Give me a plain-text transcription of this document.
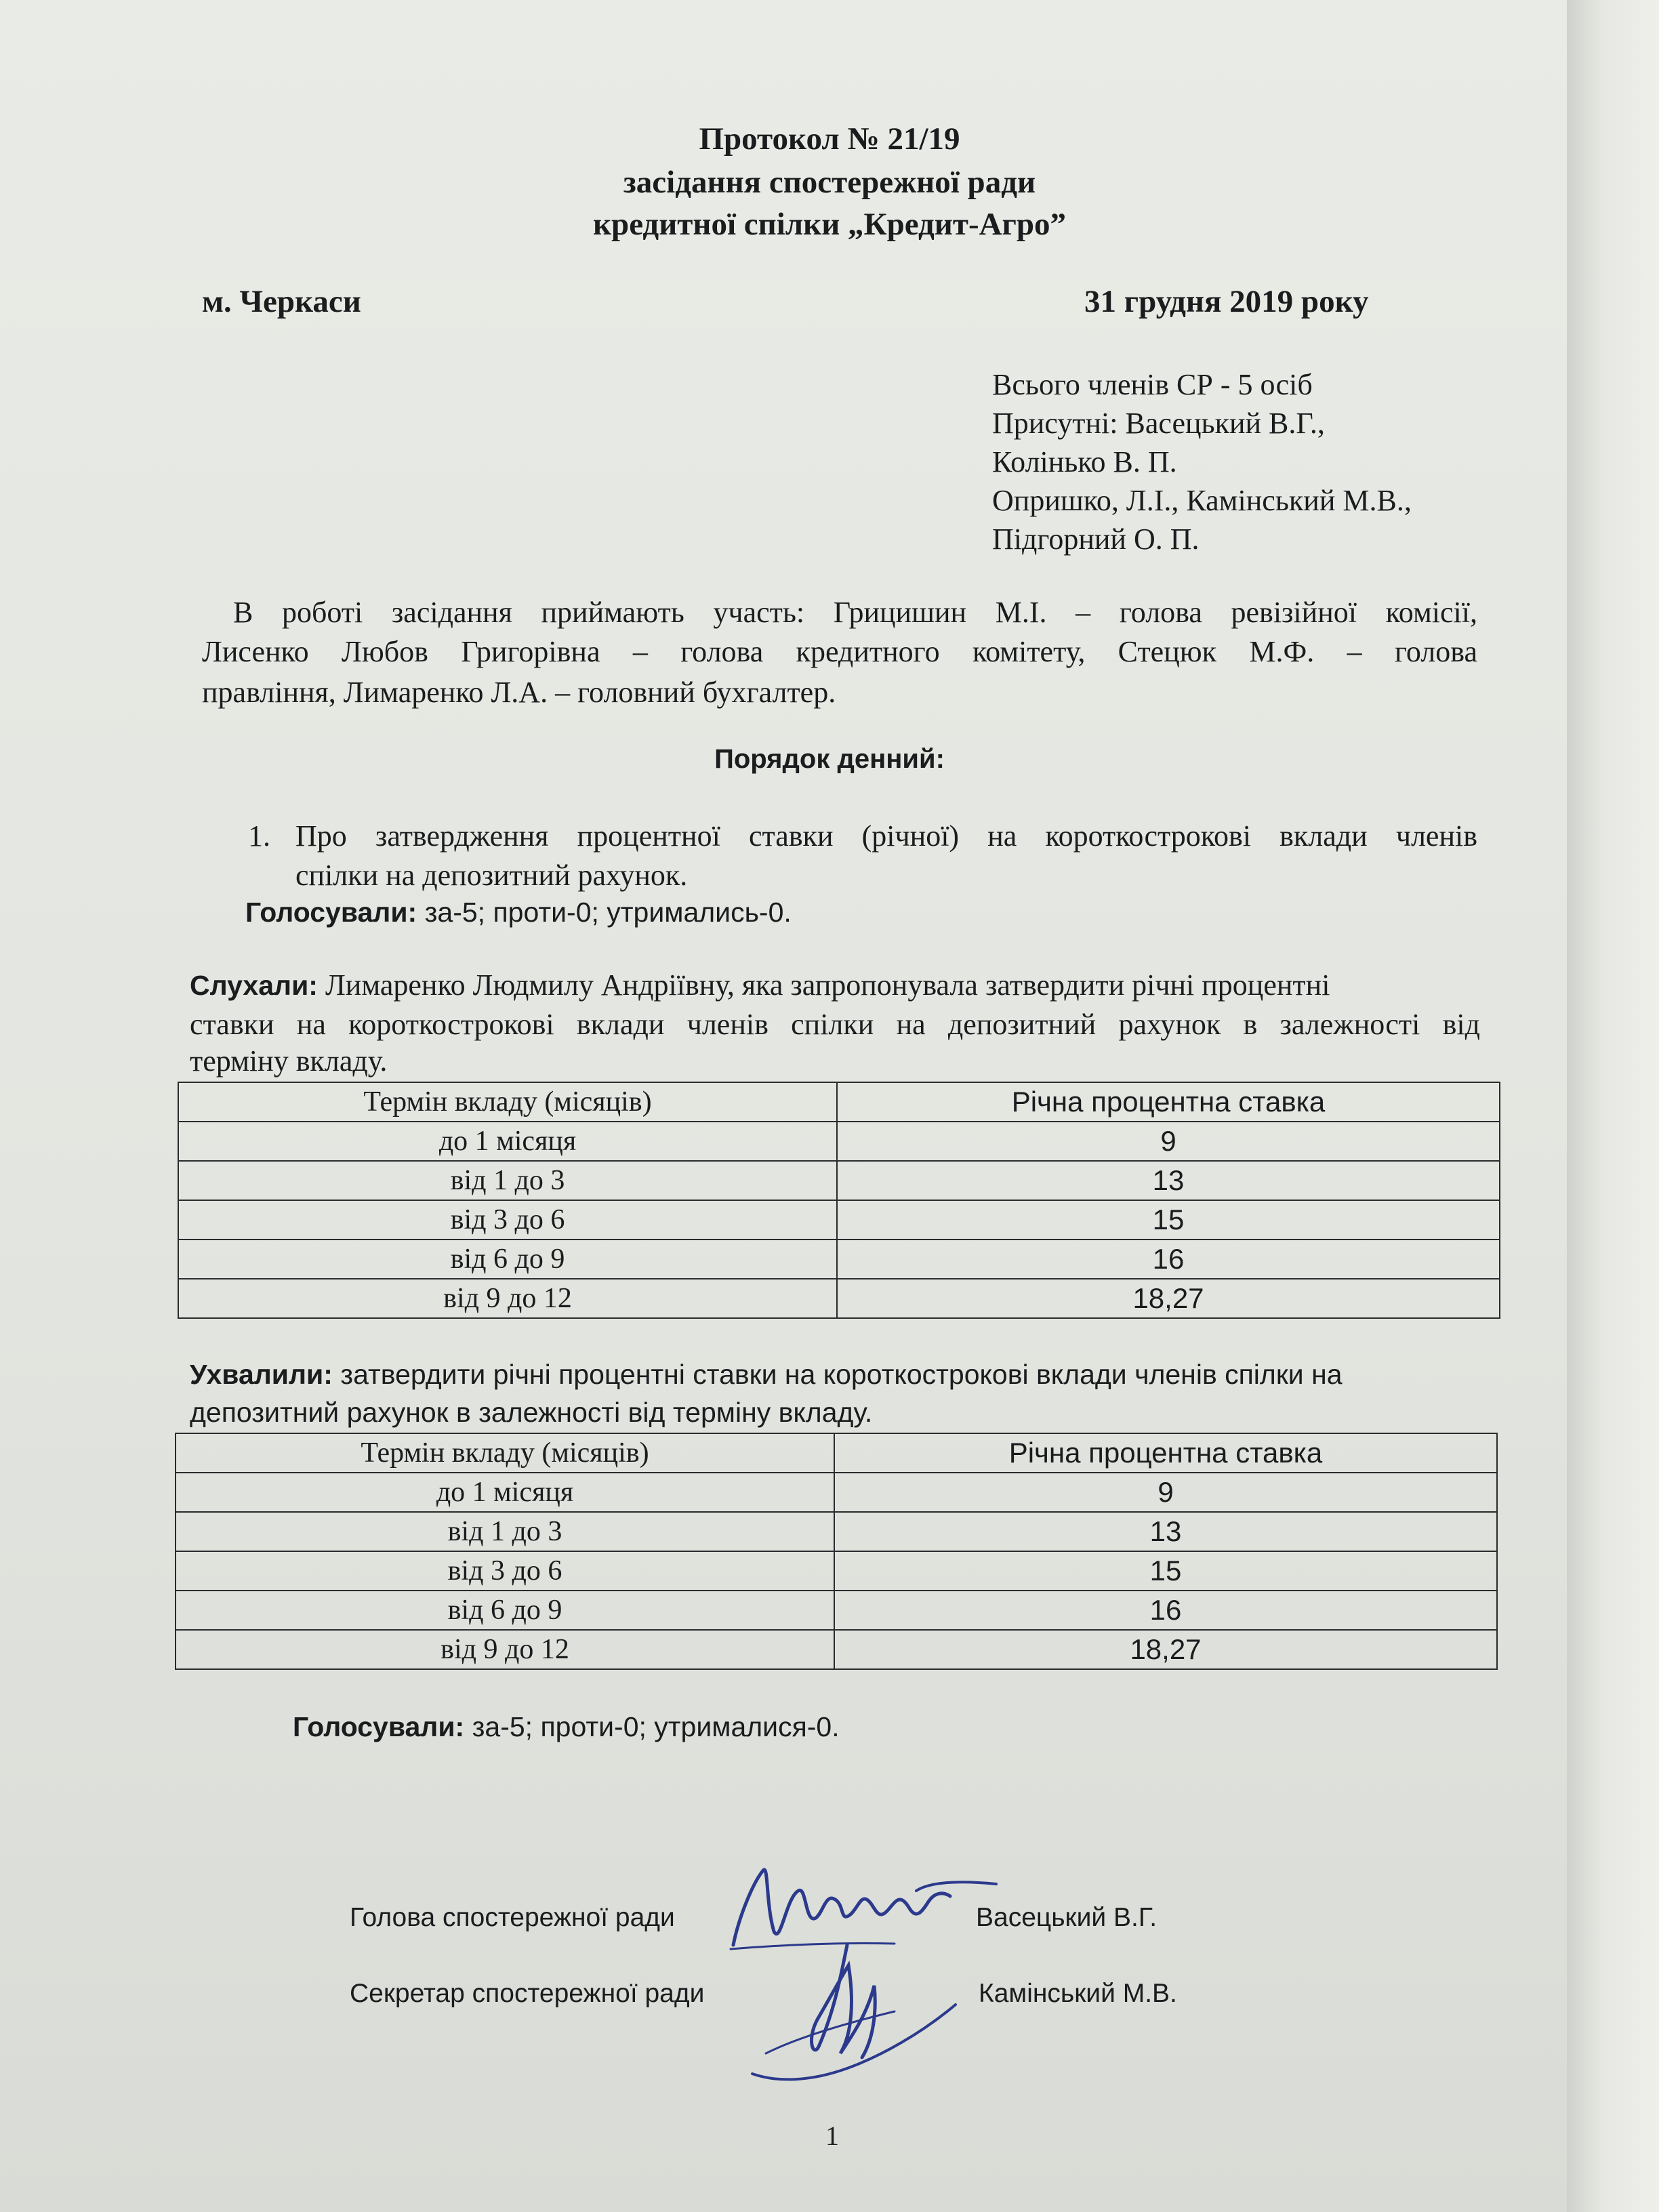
Протокол № 21/19
засідання спостережної ради
кредитної спілки „Кредит-Агро”
м. Черкаси	31 грудня 2019 року
Всього членів СР - 5 осіб
Присутні: Васецький В.Г.,
Колінько В. П.
Опришко, Л.І., Камінський М.В.,
Підгорний О. П.
В роботі засідання приймають участь: Грицишин М.І. – голова ревізійної комісії,
Лисенко Любов Григорівна – голова кредитного комітету, Стецюк М.Ф. – голова
правління, Лимаренко Л.А. – головний бухгалтер.
Порядок денний:
1. Про затвердження процентної ставки (річної) на короткострокові вклади членів
спілки на депозитний рахунок.
Голосували: за-5; проти-0; утримались-0.
Слухали: Лимаренко Людмилу Андріївну, яка запропонувала затвердити річні процентні
ставки на короткострокові вклади членів спілки на депозитний рахунок в залежності від
терміну вкладу.
Термін вкладу (місяців)	Річна процентна ставка
до 1 місяця	9
від 1 до 3	13
від 3 до 6	15
від 6 до 9	16
від 9 до 12	18,27
Ухвалили: затвердити річні процентні ставки на короткострокові вклади членів спілки на
депозитний рахунок в залежності від терміну вкладу.
Термін вкладу (місяців)	Річна процентна ставка
до 1 місяця	9
від 1 до 3	13
від 3 до 6	15
від 6 до 9	16
від 9 до 12	18,27
Голосували: за-5; проти-0; утрималися-0.
Голова спостережної ради	Васецький В.Г.
Секретар спостережної ради	Камінський М.В.
1
